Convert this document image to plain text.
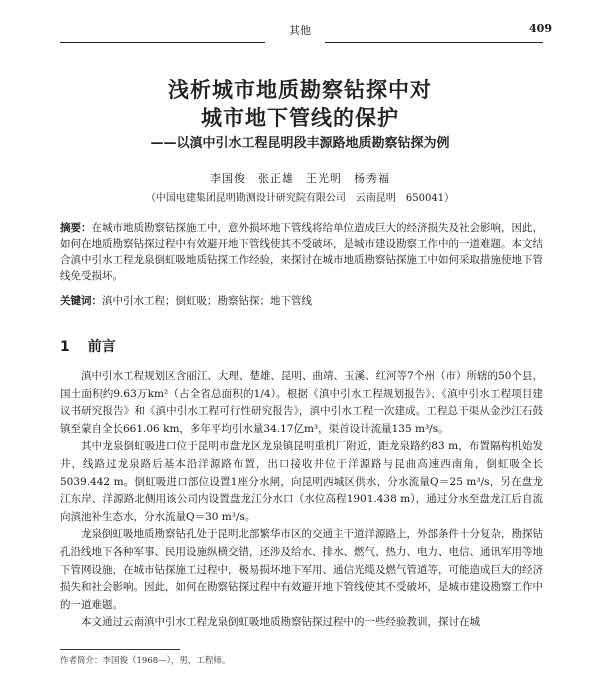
其他	409
浅析城市地质勘察钻探中对
城市地下管线的保护
——以滇中引水工程昆明段丰源路地质勘察钻探为例
李国俊　张正雄　王光明　杨秀福
（中国电建集团昆明勘测设计研究院有限公司　云南昆明　650041）
摘要：在城市地质勘察钻探施工中，意外损坏地下管线将给单位造成巨大的经济损失及社会影响，因此，如何在地质勘察钻探过程中有效避开地下管线使其不受破坏，是城市建设勘察工作中的一道难题。本文结合滇中引水工程龙泉倒虹吸地质钻探工作经验，来探讨在城市地质勘察钻探施工中如何采取措施使地下管线免受损坏。
关键词：滇中引水工程；倒虹吸；勘察钻探；地下管线
1 前言

滇中引水工程规划区含丽江、大理、楚雄、昆明、曲靖、玉溪、红河等7个州（市）所辖的50个县，国土面积约9.63万km²（占全省总面积的1/4）。根据《滇中引水工程规划报告》、《滇中引水工程项目建议书研究报告》和《滇中引水工程可行性研究报告》，滇中引水工程一次建成。工程总干渠从金沙江石鼓镇至蒙自全长661.06 km，多年平均引水量34.17亿m³，渠首设计流量135 m³/s。

其中龙泉倒虹吸进口位于昆明市盘龙区龙泉镇昆明重机厂附近，距龙泉路约83 m，布置隔构机始发井，线路过龙泉路后基本沿洋源路布置，出口接收井位于洋源路与昆曲高速西南角，倒虹吸全长5039.442 m。倒虹吸进口部位设置1座分水闸，向昆明西城区供水，分水流量Q＝25 m³/s，另在盘龙江东岸、洋源路北侧用该公司内设置盘龙江分水口（水位高程1901.438 m），通过分水至盘龙江后自流向滇池补生态水，分水流量Q＝30 m³/s。

龙泉倒虹吸地质勘察钻孔处于昆明北部繁华市区的交通主干道洋源路上，外部条件十分复杂，勘探钻孔沿线地下各种军事、民用设施纵横交错，还涉及给水、排水、燃气、热力、电力、电信、通讯军用等地下管网设施，在城市钻探施工过程中，极易损坏地下军用、通信光缆及燃气管道等，可能造成巨大的经济损失和社会影响。因此，如何在勘察钻探过程中有效避开地下管线使其不受破坏，是城市建设勘察工作中的一道难题。

本文通过云南滇中引水工程龙泉倒虹吸地质勘察钻探过程中的一些经验教训，探讨在城

作者简介：李国俊（1968—），男，工程师。
